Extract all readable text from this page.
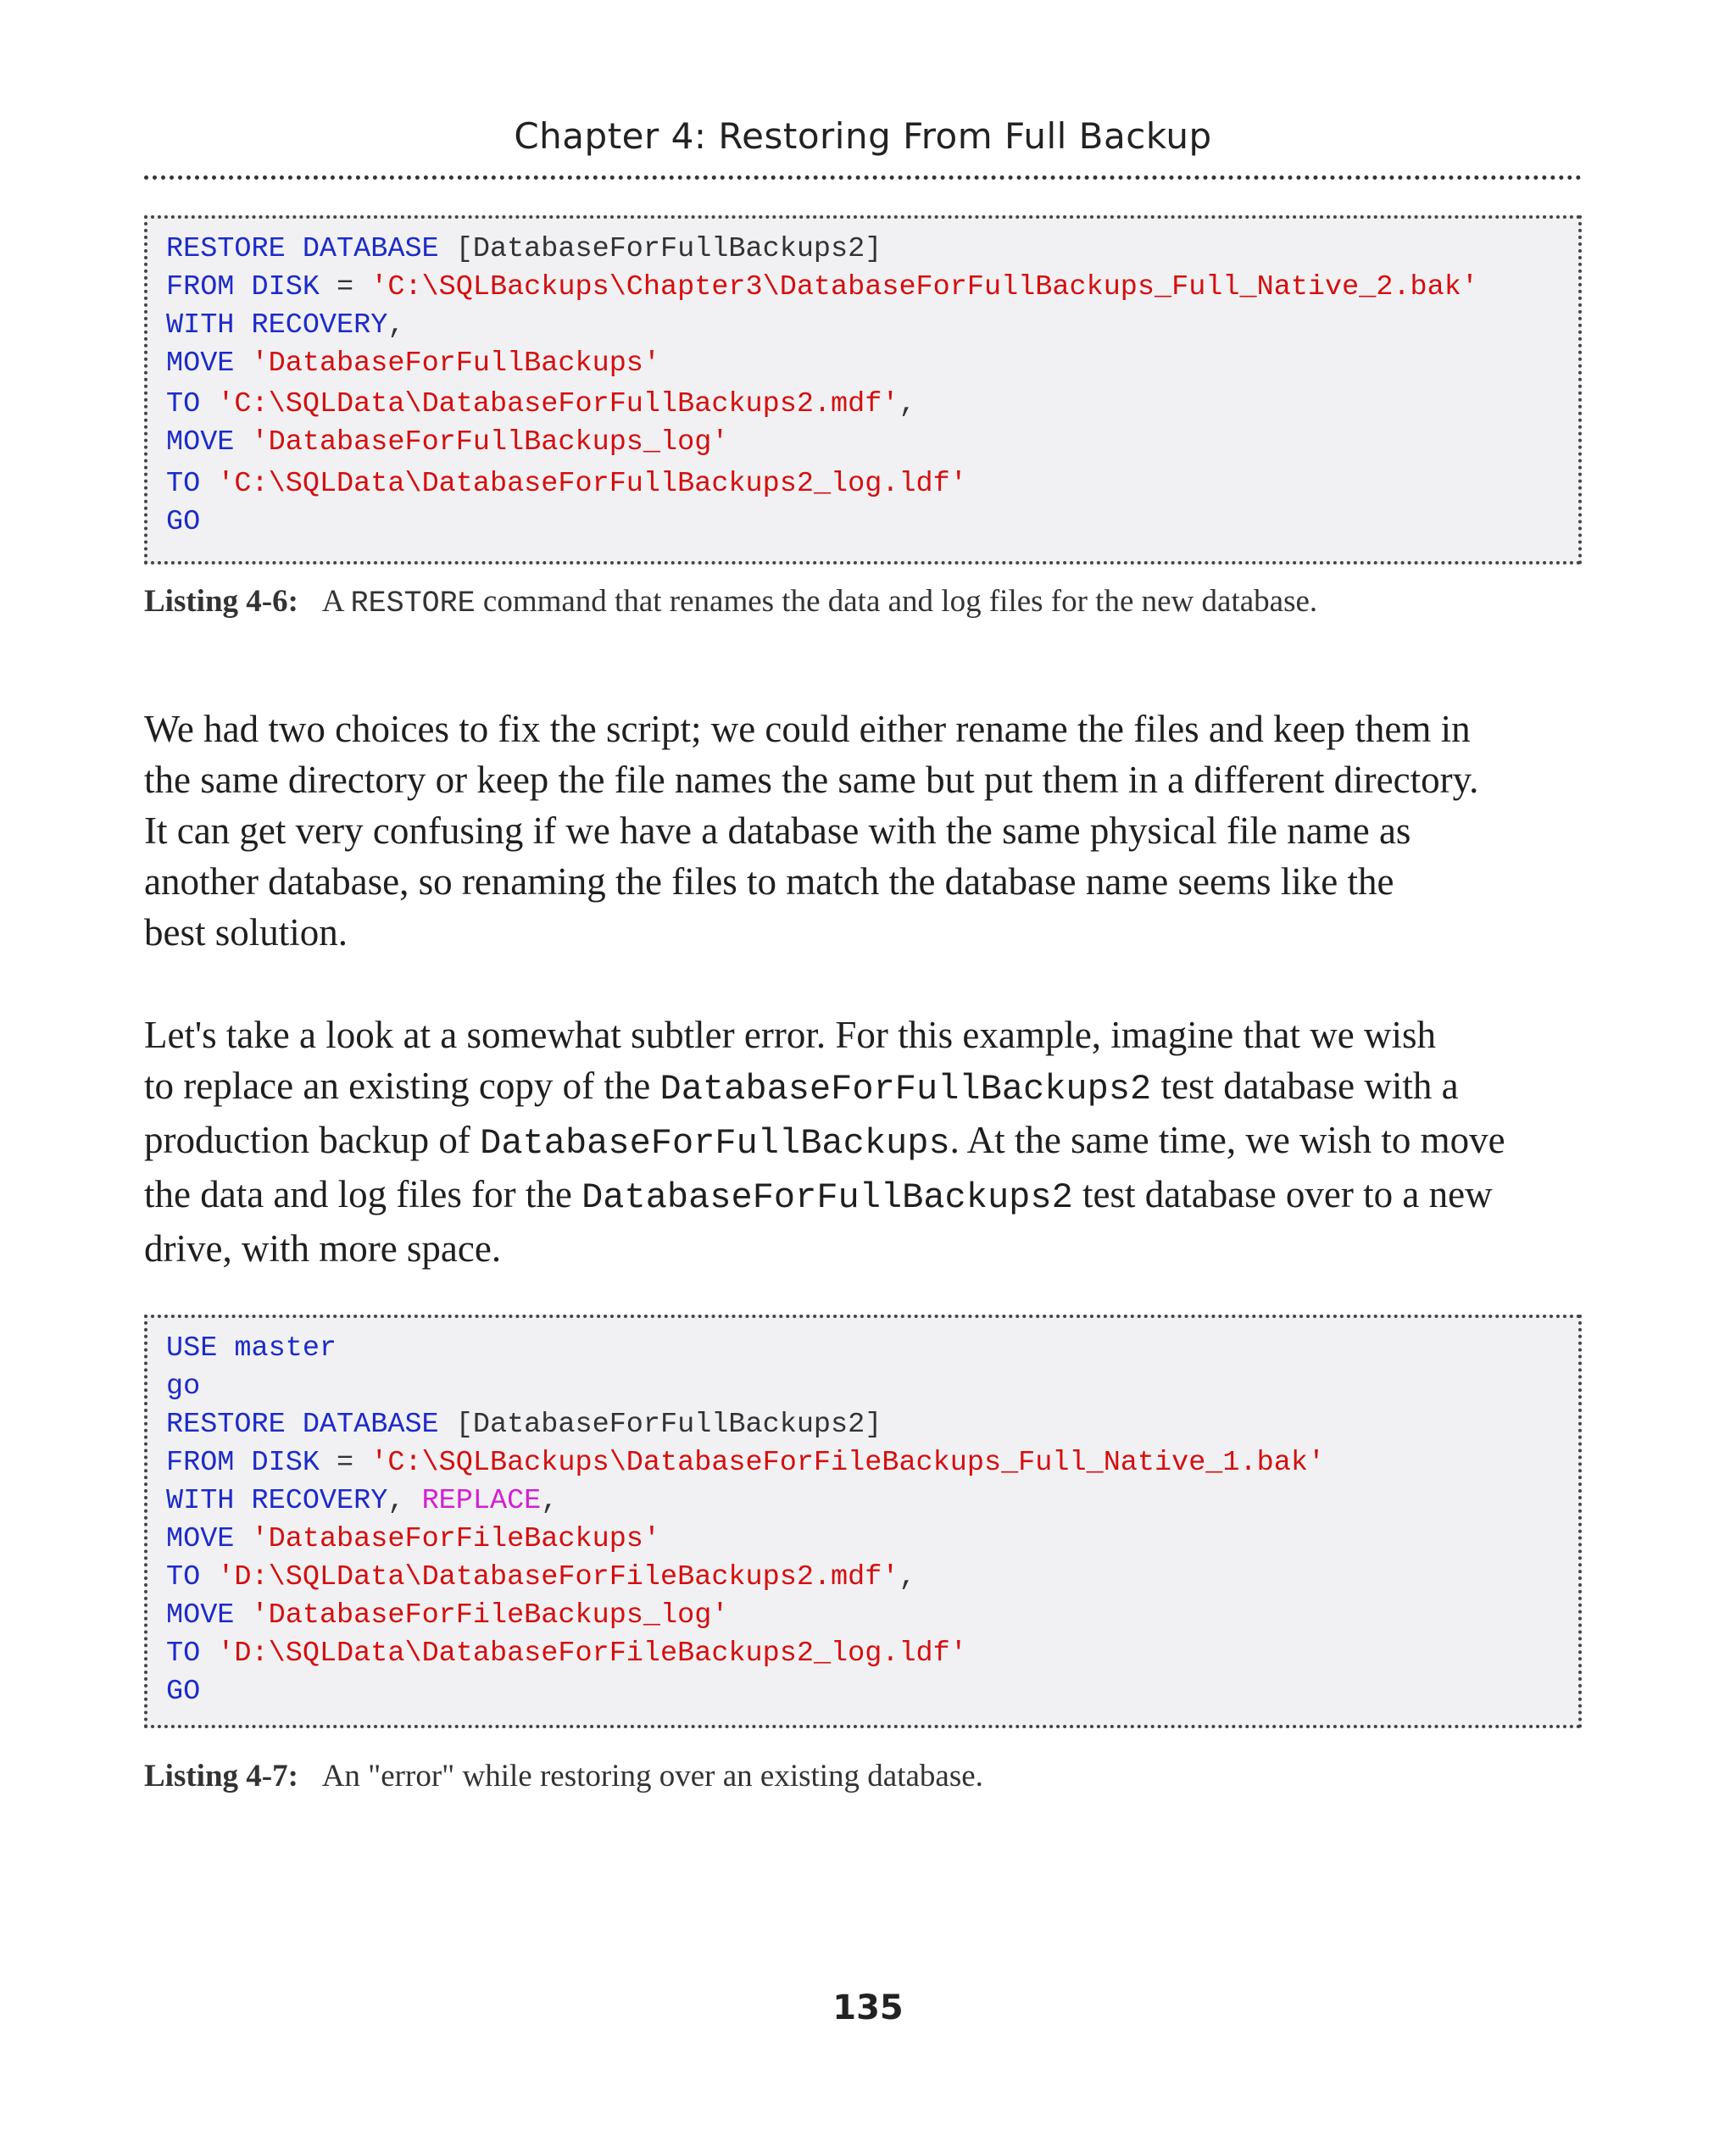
Chapter 4: Restoring From Full Backup
RESTORE DATABASE [DatabaseForFullBackups2]
FROM DISK = 'C:\SQLBackups\Chapter3\DatabaseForFullBackups_Full_Native_2.bak'
WITH RECOVERY,
MOVE 'DatabaseForFullBackups'
TO 'C:\SQLData\DatabaseForFullBackups2.mdf',
MOVE 'DatabaseForFullBackups_log'
TO 'C:\SQLData\DatabaseForFullBackups2_log.ldf'
GO
Listing 4-6: A RESTORE command that renames the data and log files for the new database.
We had two choices to fix the script; we could either rename the files and keep them in
the same directory or keep the file names the same but put them in a different directory.
It can get very confusing if we have a database with the same physical file name as
another database, so renaming the files to match the database name seems like the
best solution.
Let's take a look at a somewhat subtler error. For this example, imagine that we wish
to replace an existing copy of the DatabaseForFullBackups2 test database with a
production backup of DatabaseForFullBackups. At the same time, we wish to move
the data and log files for the DatabaseForFullBackups2 test database over to a new
drive, with more space.
USE master
go
RESTORE DATABASE [DatabaseForFullBackups2]
FROM DISK = 'C:\SQLBackups\DatabaseForFileBackups_Full_Native_1.bak'
WITH RECOVERY, REPLACE,
MOVE 'DatabaseForFileBackups'
TO 'D:\SQLData\DatabaseForFileBackups2.mdf',
MOVE 'DatabaseForFileBackups_log'
TO 'D:\SQLData\DatabaseForFileBackups2_log.ldf'
GO
Listing 4-7: An "error" while restoring over an existing database.
135
